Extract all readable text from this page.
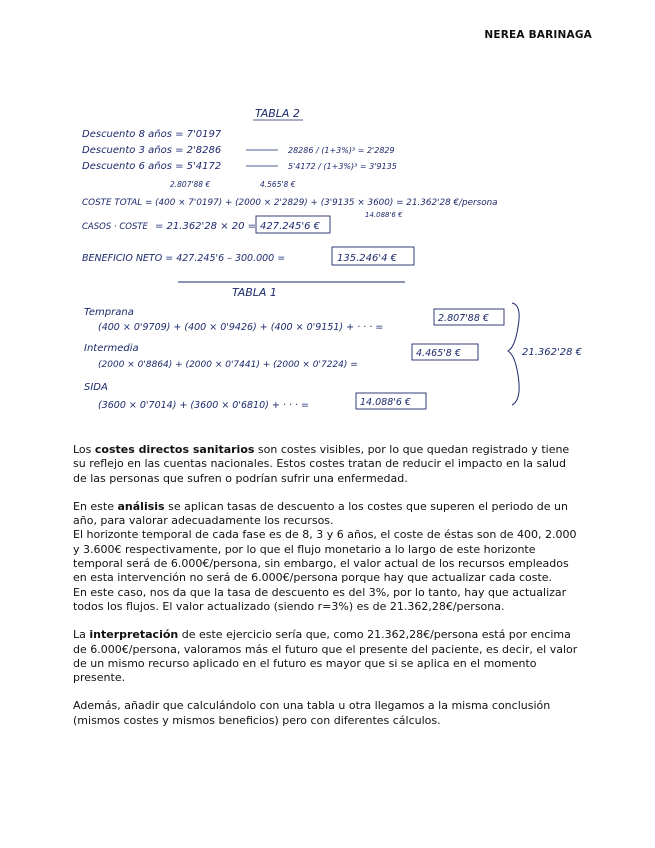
NEREA BARINAGA
TABLA 2
Descuento 8 años = 7'0197
Descuento 3 años = 2'8286	28286 / (1+3%)³ = 2'2829
Descuento 6 años = 5'4172	5'4172 / (1+3%)³ = 3'9135
2.807'88 €	4.565'8 €
COSTE TOTAL = (400 × 7'0197) + (2000 × 2'2829) + (3'9135 × 3600) = 21.362'28 €/persona
14.088'6 €
CASOS · COSTE = 21.362'28 × 20 = 427.245'6 €
BENEFICIO NETO = 427.245'6 – 300.000 =	135.246'4 €
TABLA 1
Temprana
(400 × 0'9709) + (400 × 0'9426) + (400 × 0'9151) + · · · =
2.807'88 €
Intermedia
(2000 × 0'8864) + (2000 × 0'7441) + (2000 × 0'7224) =
4.465'8 €
SIDA
(3600 × 0'7014) + (3600 × 0'6810) + · · · =	14.088'6 €
21.362'28 €

Los costes directos sanitarios son costes visibles, por lo que quedan registrado y tiene su reflejo en las cuentas nacionales. Estos costes tratan de reducir el impacto en la salud de las personas que sufren o podrían sufrir una enfermedad.

En este análisis se aplican tasas de descuento a los costes que superen el periodo de un año, para valorar adecuadamente los recursos.
El horizonte temporal de cada fase es de 8, 3 y 6 años, el coste de éstas son de 400, 2.000 y 3.600€ respectivamente, por lo que el flujo monetario a lo largo de este horizonte temporal será de 6.000€/persona, sin embargo, el valor actual de los recursos empleados en esta intervención no será de 6.000€/persona porque hay que actualizar cada coste.
En este caso, nos da que la tasa de descuento es del 3%, por lo tanto, hay que actualizar todos los flujos. El valor actualizado (siendo r=3%) es de 21.362,28€/persona.

La interpretación de este ejercicio sería que, como 21.362,28€/persona está por encima de 6.000€/persona, valoramos más el futuro que el presente del paciente, es decir, el valor de un mismo recurso aplicado en el futuro es mayor que si se aplica en el momento presente.

Además, añadir que calculándolo con una tabla u otra llegamos a la misma conclusión (mismos costes y mismos beneficios) pero con diferentes cálculos.
